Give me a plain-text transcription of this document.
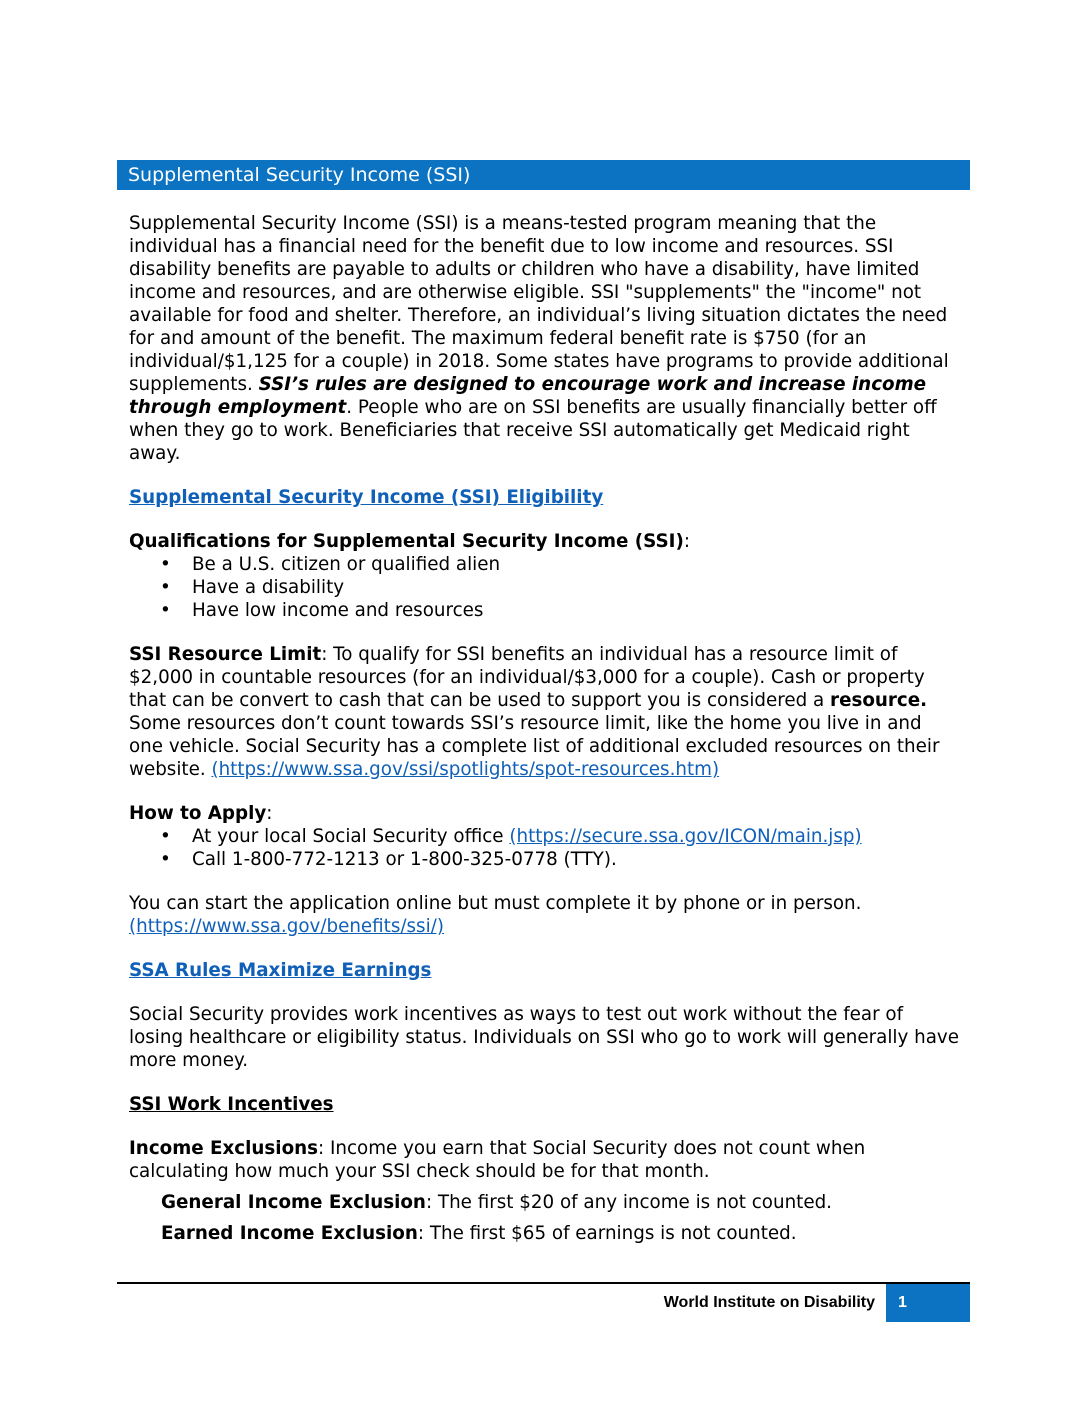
Supplemental Security Income (SSI)

Supplemental Security Income (SSI) is a means-tested program meaning that the individual has a financial need for the benefit due to low income and resources. SSI disability benefits are payable to adults or children who have a disability, have limited income and resources, and are otherwise eligible. SSI "supplements" the "income" not available for food and shelter. Therefore, an individual’s living situation dictates the need for and amount of the benefit. The maximum federal benefit rate is $750 (for an individual/$1,125 for a couple) in 2018. Some states have programs to provide additional supplements. SSI’s rules are designed to encourage work and increase income through employment. People who are on SSI benefits are usually financially better off when they go to work. Beneficiaries that receive SSI automatically get Medicaid right away.

Supplemental Security Income (SSI) Eligibility

Qualifications for Supplemental Security Income (SSI):

• Be a U.S. citizen or qualified alien
• Have a disability
• Have low income and resources

SSI Resource Limit: To qualify for SSI benefits an individual has a resource limit of $2,000 in countable resources (for an individual/$3,000 for a couple). Cash or property that can be convert to cash that can be used to support you is considered a resource. Some resources don’t count towards SSI’s resource limit, like the home you live in and one vehicle. Social Security has a complete list of additional excluded resources on their website. (https://www.ssa.gov/ssi/spotlights/spot-resources.htm)

How to Apply:

• At your local Social Security office (https://secure.ssa.gov/ICON/main.jsp)
• Call 1-800-772-1213 or 1-800-325-0778 (TTY).

You can start the application online but must complete it by phone or in person.
(https://www.ssa.gov/benefits/ssi/)

SSA Rules Maximize Earnings

Social Security provides work incentives as ways to test out work without the fear of losing healthcare or eligibility status. Individuals on SSI who go to work will generally have more money.

SSI Work Incentives

Income Exclusions: Income you earn that Social Security does not count when calculating how much your SSI check should be for that month.

General Income Exclusion: The first $20 of any income is not counted.

Earned Income Exclusion: The first $65 of earnings is not counted.

World Institute on Disability	1
